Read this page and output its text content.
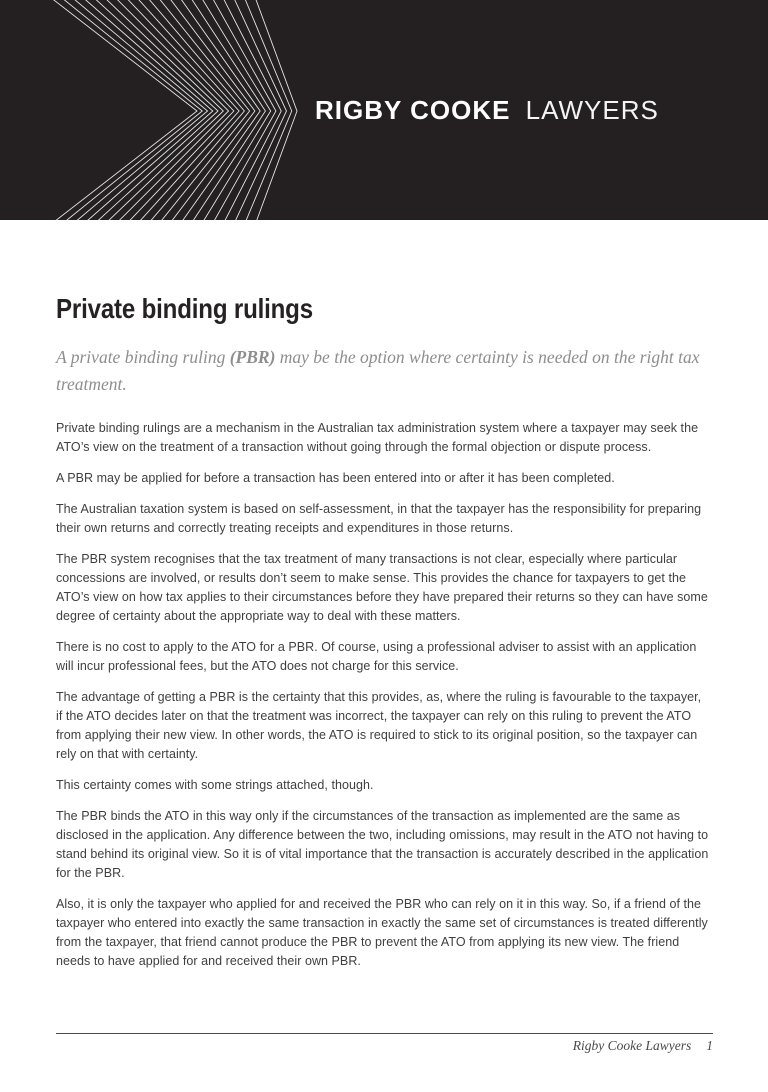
RIGBY COOKE LAWYERS
Private binding rulings

A private binding ruling (PBR) may be the option where certainty is needed on the right tax treatment.

Private binding rulings are a mechanism in the Australian tax administration system where a taxpayer may seek the ATO’s view on the treatment of a transaction without going through the formal objection or dispute process.

A PBR may be applied for before a transaction has been entered into or after it has been completed.

The Australian taxation system is based on self-assessment, in that the taxpayer has the responsibility for preparing their own returns and correctly treating receipts and expenditures in those returns.

The PBR system recognises that the tax treatment of many transactions is not clear, especially where particular concessions are involved, or results don’t seem to make sense. This provides the chance for taxpayers to get the ATO’s view on how tax applies to their circumstances before they have prepared their returns so they can have some degree of certainty about the appropriate way to deal with these matters.

There is no cost to apply to the ATO for a PBR. Of course, using a professional adviser to assist with an application will incur professional fees, but the ATO does not charge for this service.

The advantage of getting a PBR is the certainty that this provides, as, where the ruling is favourable to the taxpayer, if the ATO decides later on that the treatment was incorrect, the taxpayer can rely on this ruling to prevent the ATO from applying their new view. In other words, the ATO is required to stick to its original position, so the taxpayer can rely on that with certainty.

This certainty comes with some strings attached, though.

The PBR binds the ATO in this way only if the circumstances of the transaction as implemented are the same as disclosed in the application. Any difference between the two, including omissions, may result in the ATO not having to stand behind its original view. So it is of vital importance that the transaction is accurately described in the application for the PBR.

Also, it is only the taxpayer who applied for and received the PBR who can rely on it in this way. So, if a friend of the taxpayer who entered into exactly the same transaction in exactly the same set of circumstances is treated differently from the taxpayer, that friend cannot produce the PBR to prevent the ATO from applying its new view. The friend needs to have applied for and received their own PBR.

Rigby Cooke Lawyers 1
